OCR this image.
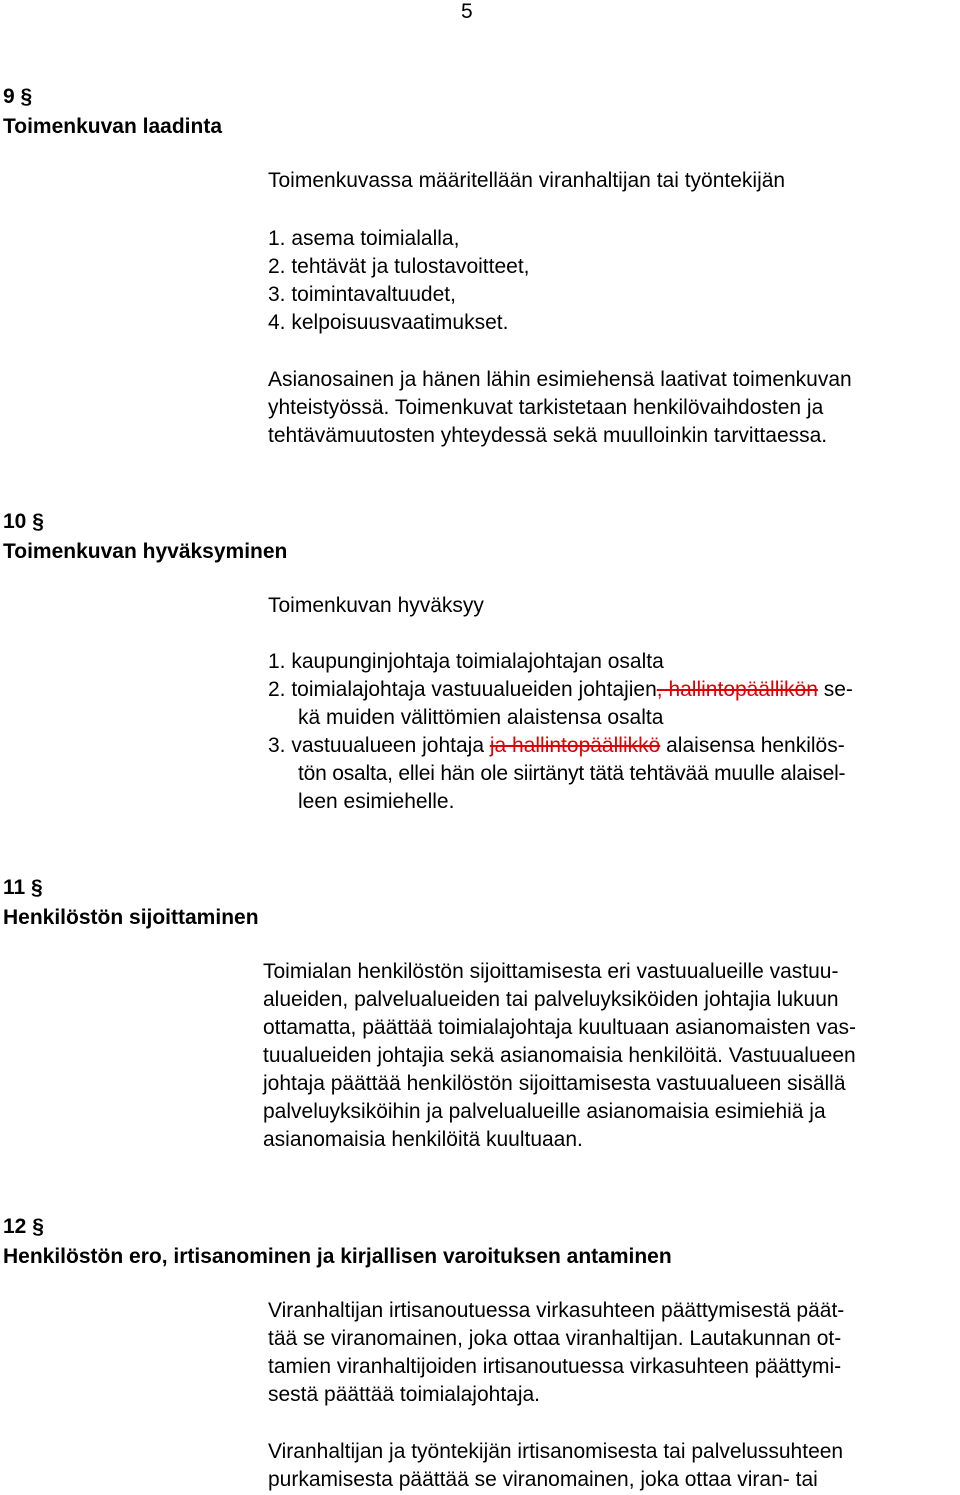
5
9 §
Toimenkuvan laadinta
Toimenkuvassa määritellään viranhaltijan tai työntekijän
1. asema toimialalla,
2. tehtävät ja tulostavoitteet,
3. toimintavaltuudet,
4. kelpoisuusvaatimukset.
Asianosainen ja hänen lähin esimiehensä laativat toimenkuvan
yhteistyössä. Toimenkuvat tarkistetaan henkilövaihdosten ja
tehtävämuutosten yhteydessä sekä muulloinkin tarvittaessa.
10 §
Toimenkuvan hyväksyminen
Toimenkuvan hyväksyy
1. kaupunginjohtaja toimialajohtajan osalta
2. toimialajohtaja vastuualueiden johtajien, hallintopäällikön se-
kä muiden välittömien alaistensa osalta
3. vastuualueen johtaja ja hallintopäällikkö alaisensa henkilös-
tön osalta, ellei hän ole siirtänyt tätä tehtävää muulle alaisel-
leen esimiehelle.
11 §
Henkilöstön sijoittaminen
Toimialan henkilöstön sijoittamisesta eri vastuualueille vastuu-
alueiden, palvelualueiden tai palveluyksiköiden johtajia lukuun
ottamatta, päättää toimialajohtaja kuultuaan asianomaisten vas-
tuualueiden johtajia sekä asianomaisia henkilöitä. Vastuualueen
johtaja päättää henkilöstön sijoittamisesta vastuualueen sisällä
palveluyksiköihin ja palvelualueille asianomaisia esimiehiä ja
asianomaisia henkilöitä kuultuaan.
12 §
Henkilöstön ero, irtisanominen ja kirjallisen varoituksen antaminen
Viranhaltijan irtisanoutuessa virkasuhteen päättymisestä päät-
tää se viranomainen, joka ottaa viranhaltijan. Lautakunnan ot-
tamien viranhaltijoiden irtisanoutuessa virkasuhteen päättymi-
sestä päättää toimialajohtaja.
Viranhaltijan ja työntekijän irtisanomisesta tai palvelussuhteen
purkamisesta päättää se viranomainen, joka ottaa viran- tai
